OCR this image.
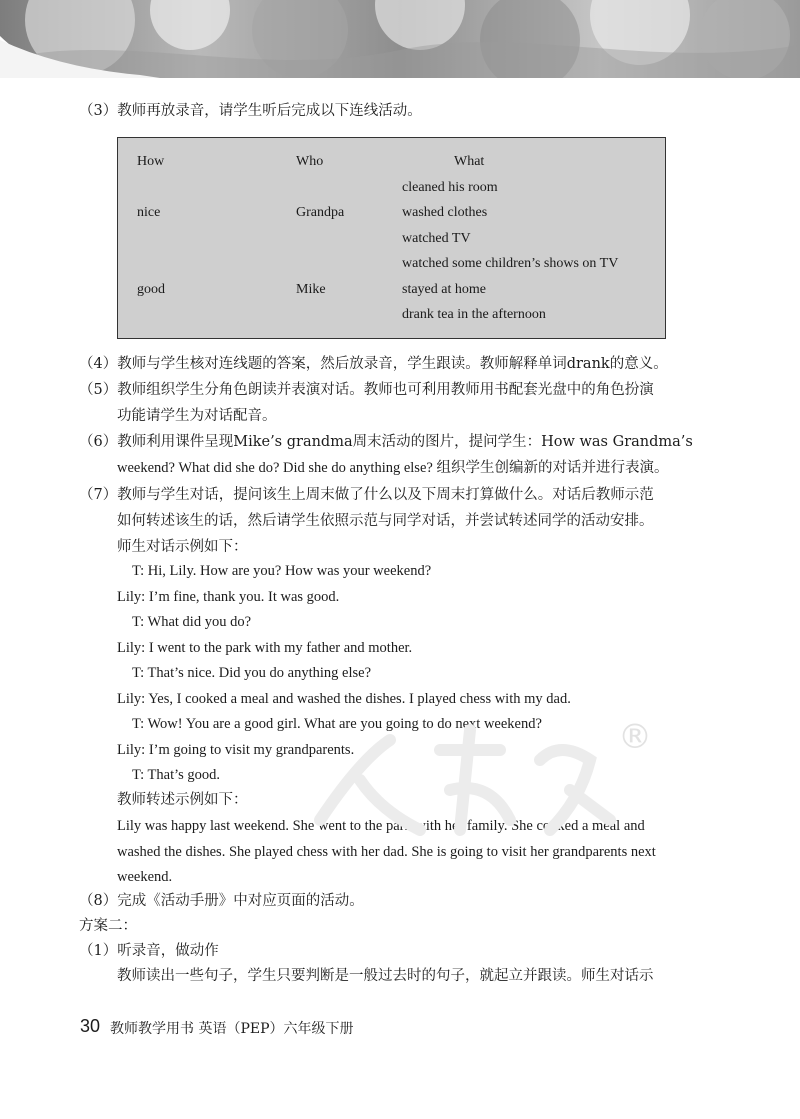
（3）教师再放录音，请学生听后完成以下连线活动。
How	Who	What
nice
good
Grandpa
Mike
cleaned his room
washed clothes
watched TV
watched some children’s shows on TV
stayed at home
drank tea in the afternoon
（4）教师与学生核对连线题的答案，然后放录音，学生跟读。教师解释单词drank的意义。
（5）教师组织学生分角色朗读并表演对话。教师也可利用教师用书配套光盘中的角色扮演
功能请学生为对话配音。
（6）教师利用课件呈现Mike’s grandma周末活动的图片，提问学生：How was Grandma’s
weekend? What did she do? Did she do anything else? 组织学生创编新的对话并进行表演。
（7）教师与学生对话，提问该生上周末做了什么以及下周末打算做什么。对话后教师示范
如何转述该生的话，然后请学生依照示范与同学对话，并尝试转述同学的活动安排。
师生对话示例如下：
T: Hi, Lily. How are you? How was your weekend?
Lily: I’m fine, thank you. It was good.
T: What did you do?
Lily: I went to the park with my father and mother.
T: That’s nice. Did you do anything else?
Lily: Yes, I cooked a meal and washed the dishes. I played chess with my dad.
T: Wow! You are a good girl. What are you going to do next weekend?
Lily: I’m going to visit my grandparents.
T: That’s good.
教师转述示例如下：
Lily was happy last weekend. She went to the park with her family. She cooked a meal and
washed the dishes. She played chess with her dad. She is going to visit her grandparents next
weekend.
（8）完成《活动手册》中对应页面的活动。
方案二：
（1）听录音，做动作
教师读出一些句子，学生只要判断是一般过去时的句子，就起立并跟读。师生对话示
30 教师教学用书 英语（PEP）六年级下册
®
